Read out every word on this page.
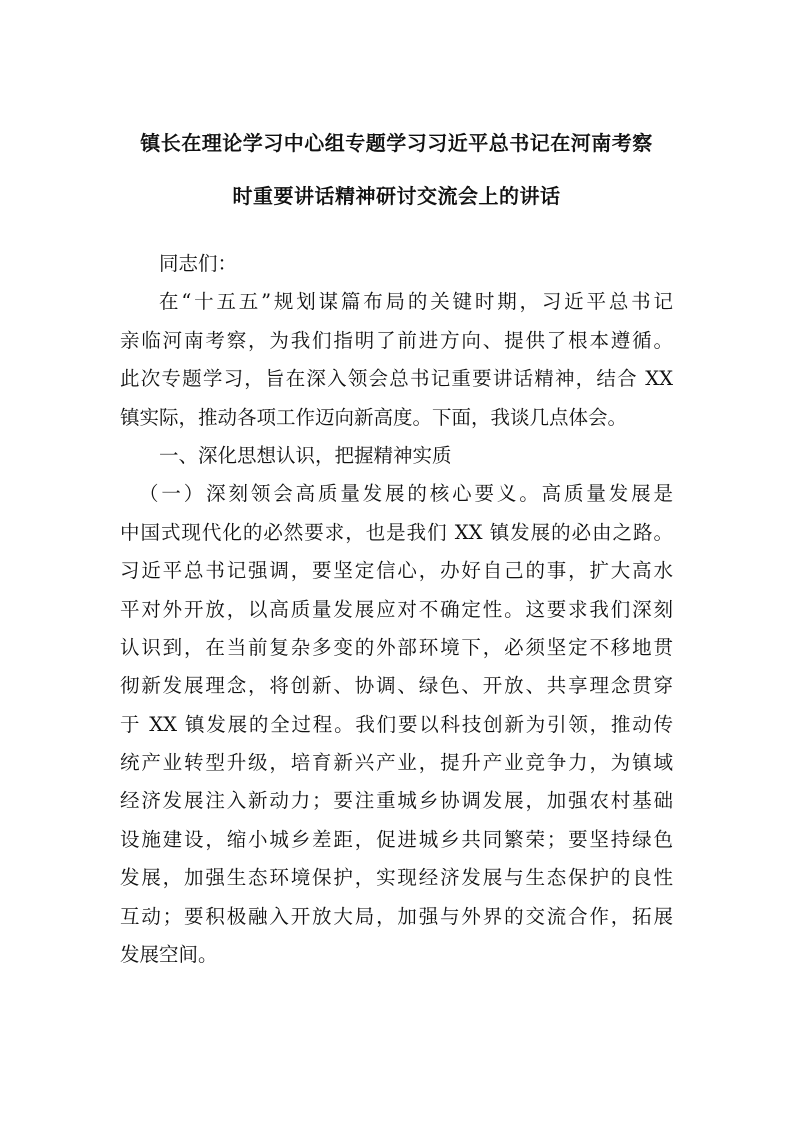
镇长在理论学习中心组专题学习习近平总书记在河南考察
时重要讲话精神研讨交流会上的讲话
同志们：
在“十五五”规划谋篇布局的关键时期，习近平总书记
亲临河南考察，为我们指明了前进方向、提供了根本遵循。
此次专题学习，旨在深入领会总书记重要讲话精神，结合 XX
镇实际，推动各项工作迈向新高度。下面，我谈几点体会。
一、深化思想认识，把握精神实质
（一）深刻领会高质量发展的核心要义。高质量发展是
中国式现代化的必然要求，也是我们 XX 镇发展的必由之路。
习近平总书记强调，要坚定信心，办好自己的事，扩大高水
平对外开放，以高质量发展应对不确定性。这要求我们深刻
认识到，在当前复杂多变的外部环境下，必须坚定不移地贯
彻新发展理念，将创新、协调、绿色、开放、共享理念贯穿
于 XX 镇发展的全过程。我们要以科技创新为引领，推动传
统产业转型升级，培育新兴产业，提升产业竞争力，为镇域
经济发展注入新动力；要注重城乡协调发展，加强农村基础
设施建设，缩小城乡差距，促进城乡共同繁荣；要坚持绿色
发展，加强生态环境保护，实现经济发展与生态保护的良性
互动；要积极融入开放大局，加强与外界的交流合作，拓展
发展空间。
